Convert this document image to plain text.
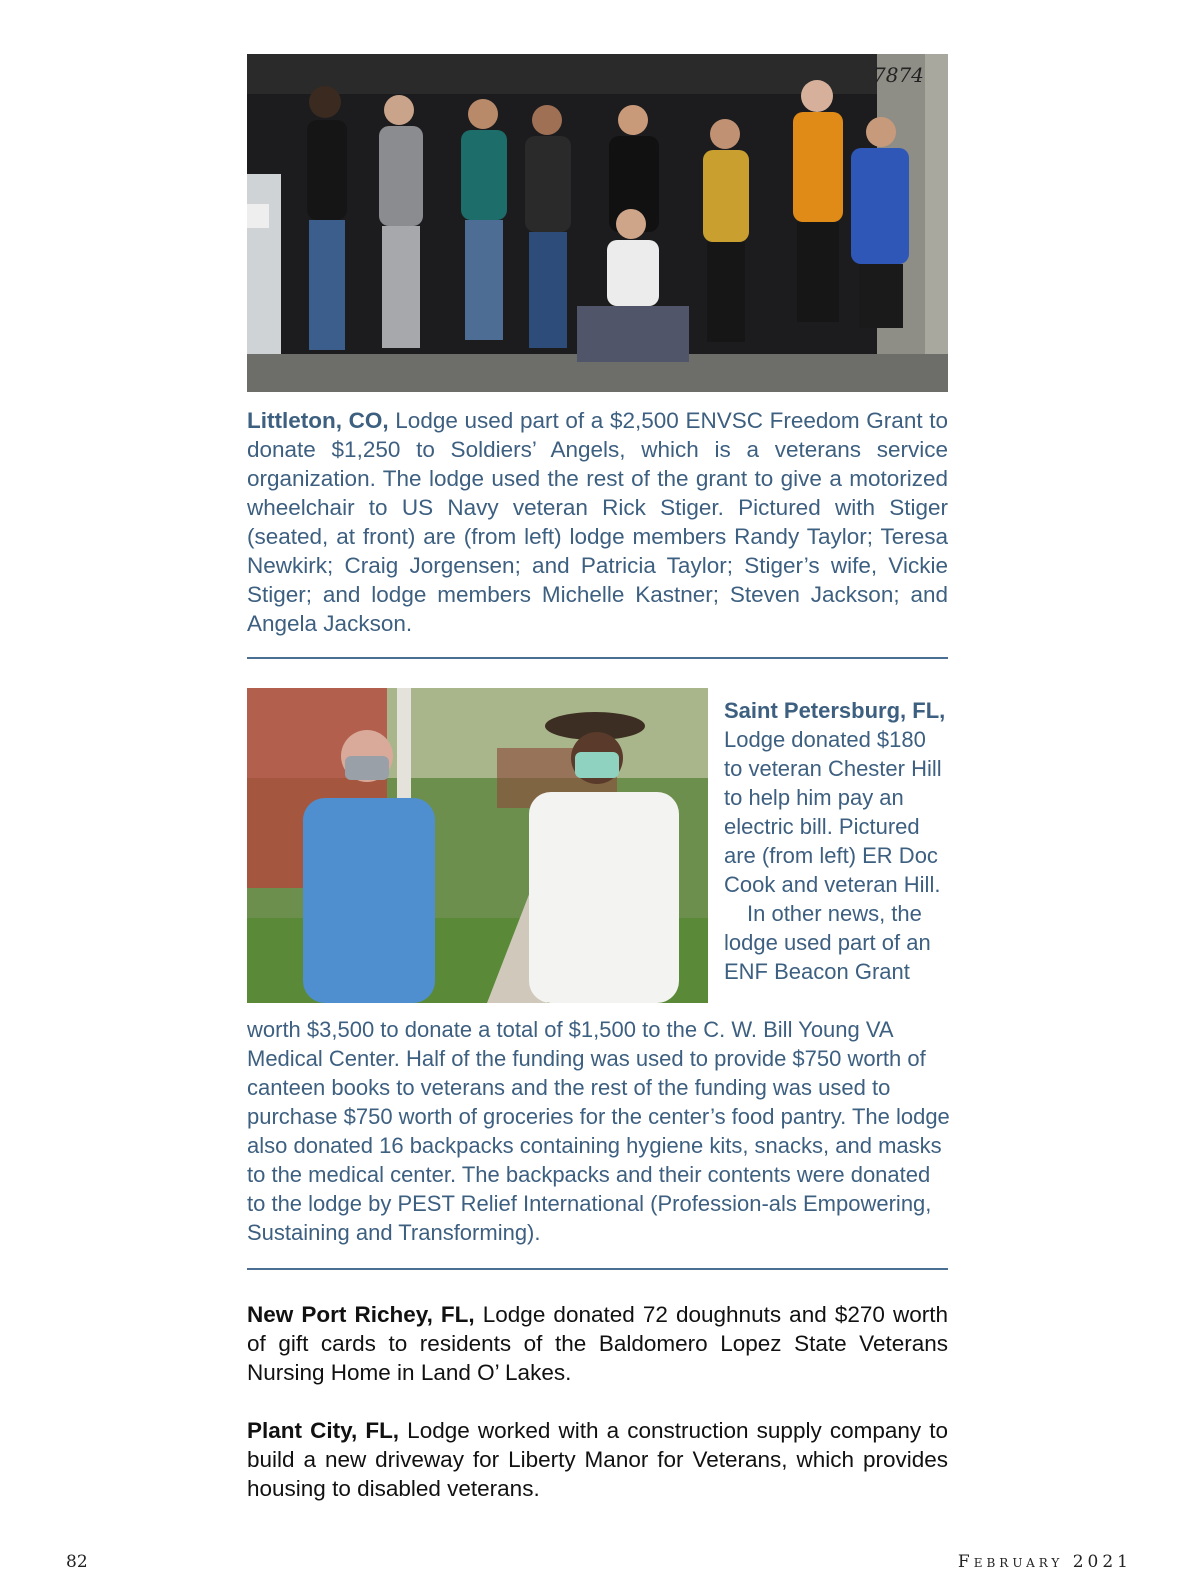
7874

Littleton, CO, Lodge used part of a $2,500 ENVSC Freedom Grant to donate $1,250 to Soldiers’ Angels, which is a veterans service organization. The lodge used the rest of the grant to give a motorized wheelchair to US Navy veteran Rick Stiger. Pictured with Stiger (seated, at front) are (from left) lodge members Randy Taylor; Teresa Newkirk; Craig Jorgensen; and Patricia Taylor; Stiger’s wife, Vickie Stiger; and lodge members Michelle Kastner; Steven Jackson; and Angela Jackson.

Saint Petersburg, FL, Lodge donated $180 to veteran Chester Hill to help him pay an electric bill. Pictured are (from left) ER Doc Cook and veteran Hill.

In other news, the lodge used part of an ENF Beacon Grant

worth $3,500 to donate a total of $1,500 to the C. W. Bill Young VA Medical Center. Half of the funding was used to provide $750 worth of canteen books to veterans and the rest of the funding was used to purchase $750 worth of groceries for the center’s food pantry. The lodge also donated 16 backpacks containing hygiene kits, snacks, and masks to the medical center. The backpacks and their contents were donated to the lodge by PEST Relief International (Profession-als Empowering, Sustaining and Transforming).

New Port Richey, FL, Lodge donated 72 doughnuts and $270 worth of gift cards to residents of the Baldomero Lopez State Veterans Nursing Home in Land O’ Lakes.

Plant City, FL, Lodge worked with a construction supply company to build a new driveway for Liberty Manor for Veterans, which provides housing to disabled veterans.

82	February 2021
